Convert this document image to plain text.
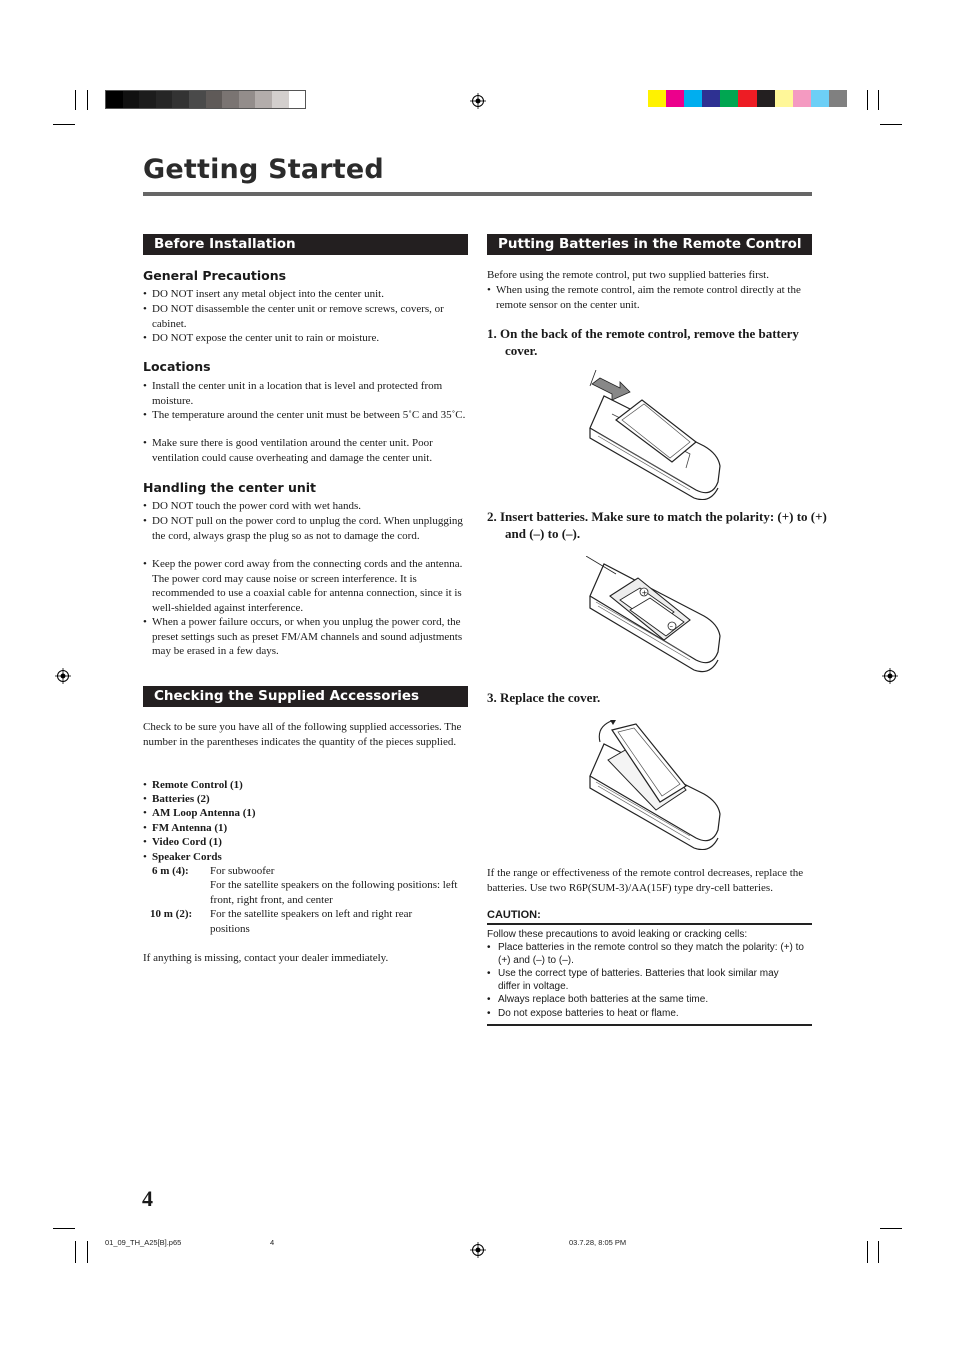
Getting Started
Before Installation
General Precautions
• DO NOT insert any metal object into the center unit.
• DO NOT disassemble the center unit or remove screws, covers, or cabinet.
• DO NOT expose the center unit to rain or moisture.
Locations
• Install the center unit in a location that is level and protected from moisture.
• The temperature around the center unit must be between 5˚C and 35˚C.
• Make sure there is good ventilation around the center unit. Poor ventilation could cause overheating and damage the center unit.
Handling the center unit
• DO NOT touch the power cord with wet hands.
• DO NOT pull on the power cord to unplug the cord. When unplugging the cord, always grasp the plug so as not to damage the cord.
• Keep the power cord away from the connecting cords and the antenna. The power cord may cause noise or screen interference. It is recommended to use a coaxial cable for antenna connection, since it is well-shielded against interference.
• When a power failure occurs, or when you unplug the power cord, the preset settings such as preset FM/AM channels and sound adjustments may be erased in a few days.
Checking the Supplied Accessories
Check to be sure you have all of the following supplied accessories. The number in the parentheses indicates the quantity of the pieces supplied.
• Remote Control (1)
• Batteries (2)
• AM Loop Antenna (1)
• FM Antenna (1)
• Video Cord (1)
• Speaker Cords
6 m (4): For subwoofer
For the satellite speakers on the following positions: left front, right front, and center
10 m (2): For the satellite speakers on left and right rear positions
If anything is missing, contact your dealer immediately.
Putting Batteries in the Remote Control
Before using the remote control, put two supplied batteries first.
• When using the remote control, aim the remote control directly at the remote sensor on the center unit.
1. On the back of the remote control, remove the battery cover.
2. Insert batteries. Make sure to match the polarity: (+) to (+) and (–) to (–).
+
–
3. Replace the cover.
If the range or effectiveness of the remote control decreases, replace the batteries. Use two R6P(SUM-3)/AA(15F) type dry-cell batteries.
CAUTION:
Follow these precautions to avoid leaking or cracking cells:
• Place batteries in the remote control so they match the polarity: (+) to (+) and (–) to (–).
• Use the correct type of batteries. Batteries that look similar may differ in voltage.
• Always replace both batteries at the same time.
• Do not expose batteries to heat or flame.
4
01_09_TH_A25[B].p65	4	03.7.28, 8:05 PM
